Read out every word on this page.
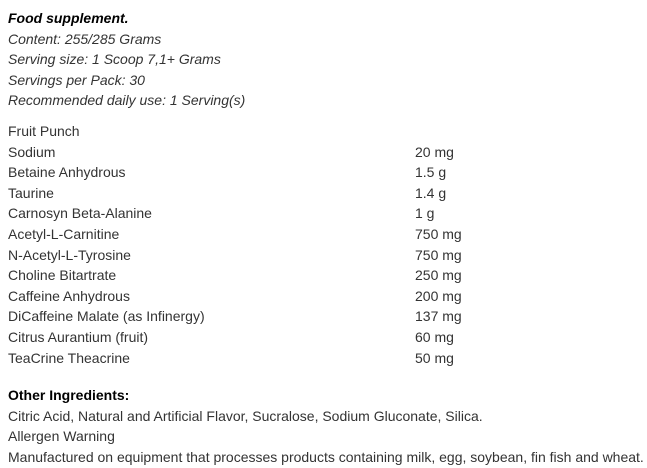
Food supplement.
Content: 255/285 Grams
Serving size: 1 Scoop 7,1+ Grams
Servings per Pack: 30
Recommended daily use: 1 Serving(s)
Fruit Punch
Sodium	20 mg
Betaine Anhydrous	1.5 g
Taurine	1.4 g
Carnosyn Beta-Alanine	1 g
Acetyl-L-Carnitine	750 mg
N-Acetyl-L-Tyrosine	750 mg
Choline Bitartrate	250 mg
Caffeine Anhydrous	200 mg
DiCaffeine Malate (as Infinergy)	137 mg
Citrus Aurantium (fruit)	60 mg
TeaCrine Theacrine	50 mg
Other Ingredients:
Citric Acid, Natural and Artificial Flavor, Sucralose, Sodium Gluconate, Silica.
Allergen Warning
Manufactured on equipment that processes products containing milk, egg, soybean, fin fish and wheat.
